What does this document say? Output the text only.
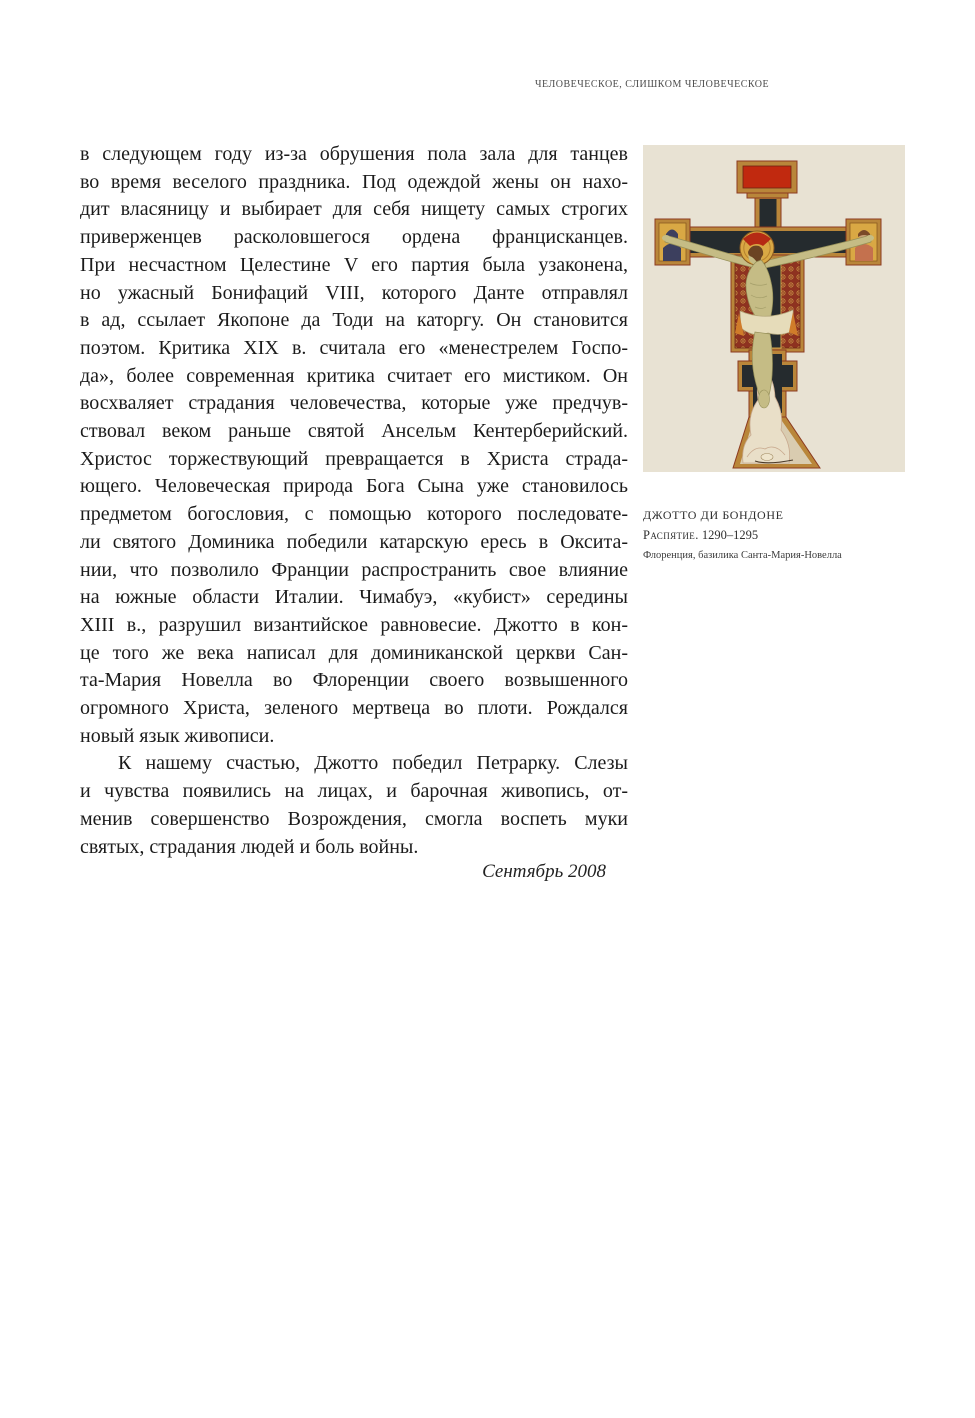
ЧЕЛОВЕЧЕСКОЕ, СЛИШКОМ ЧЕЛОВЕЧЕСКОЕ
в следующем году из-за обрушения пола зала для танцев
во время веселого праздника. Под одеждой жены он нахо-
дит власяницу и выбирает для себя нищету самых строгих
приверженцев расколовшегося ордена францисканцев.
При несчастном Целестине V его партия была узаконена,
но ужасный Бонифаций VIII, которого Данте отправлял
в ад, ссылает Якопоне да Тоди на каторгу. Он становится
поэтом. Критика XIX в. считала его «менестрелем Госпо-
да», более современная критика считает его мистиком. Он
восхваляет страдания человечества, которые уже предчув-
ствовал веком раньше святой Ансельм Кентерберийский.
Христос торжествующий превращается в Христа страда-
ющего. Человеческая природа Бога Сына уже становилось
предметом богословия, с помощью которого последовате-
ли святого Доминика победили катарскую ересь в Оксита-
нии, что позволило Франции распространить свое влияние
на южные области Италии. Чимабуэ, «кубист» середины
XIII в., разрушил византийское равновесие. Джотто в кон-
це того же века написал для доминиканской церкви Сан-
та-Мария Новелла во Флоренции своего возвышенного
огромного Христа, зеленого мертвеца во плоти. Рождался
новый язык живописи.
К нашему счастью, Джотто победил Петрарку. Слезы
и чувства появились на лицах, и барочная живопись, от-
менив совершенство Возрождения, смогла воспеть муки
святых, страдания людей и боль войны.
Сентябрь 2008
ДЖОТТО ДИ БОНДОНЕ
Распятие. 1290–1295
Флоренция, базилика Санта-Мария-Новелла
